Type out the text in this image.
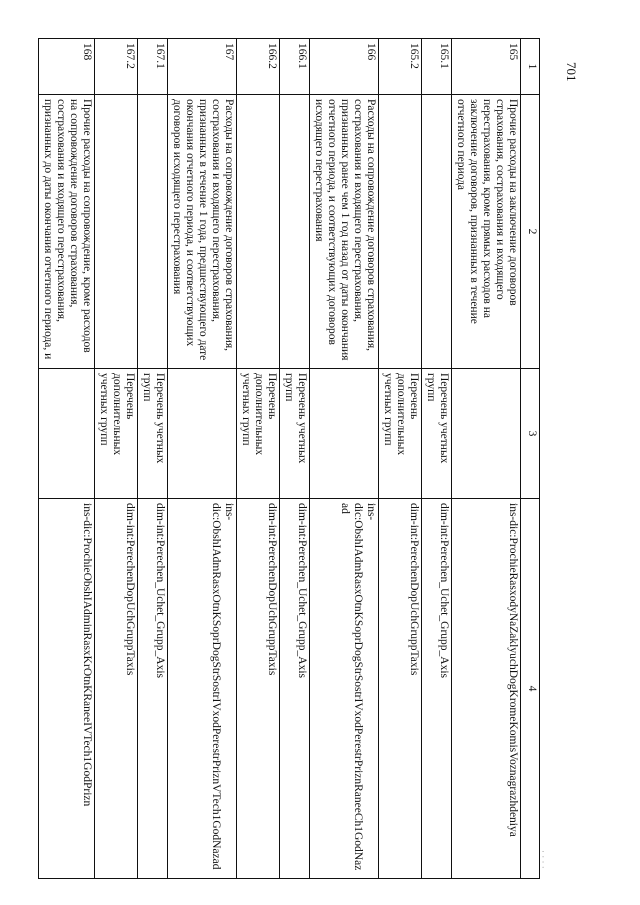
701
· · · ·
1	2	3	4
165	Прочие расходы на заключение договоров страхования, сострахования и входящего перестрахования, кроме прямых расходов на заключение договоров, признанных в течение отчетного периода		ins-dic:ProchieRasxodyNaZaklyuchDogKromeKomisVoznagrazhdeniya
165.1		Перечень учетных групп	dim-int:Perechen_Uchet_Grupp_Axis
165.2		Перечень дополнительных учетных групп	dim-int:PerechenDopUchGruppTaxis
166	Расходы на сопровождение договоров страхования, сострахования и входящего перестрахования, признанных ранее чем 1 год назад от даты окончания отчетного периода, и соответствующих договоров исходящего перестрахования		ins-dic:ObshIAdmRasxOtnKSoprDogStrSostrIVxodPerestrPriznRaneeCh1GodNazad
166.1		Перечень учетных групп	dim-int:Perechen_Uchet_Grupp_Axis
166.2		Перечень дополнительных учетных групп	dim-int:PerechenDopUchGruppTaxis
167	Расходы на сопровождение договоров страхования, сострахования и входящего перестрахования, признанных в течение 1 года, предшествующего дате окончания отчетного периода, и соответствующих договоров исходящего перестрахования		ins-dic:ObshIAdmRasxOtnKSoprDogStrSostrIVxodPerestrPriznVTech1GodNazad
167.1		Перечень учетных групп	dim-int:Perechen_Uchet_Grupp_Axis
167.2		Перечень дополнительных учетных групп	dim-int:PerechenDopUchGruppTaxis
168	Прочие расходы на сопровождение, кроме расходов на сопровождение договоров страхования, сострахования и входящего перестрахования, признанных до даты окончания отчетного периода, и		ins-dic:ProchieObshIAdminRasxKrOtnKRaneeIVTech1GodPrizn
